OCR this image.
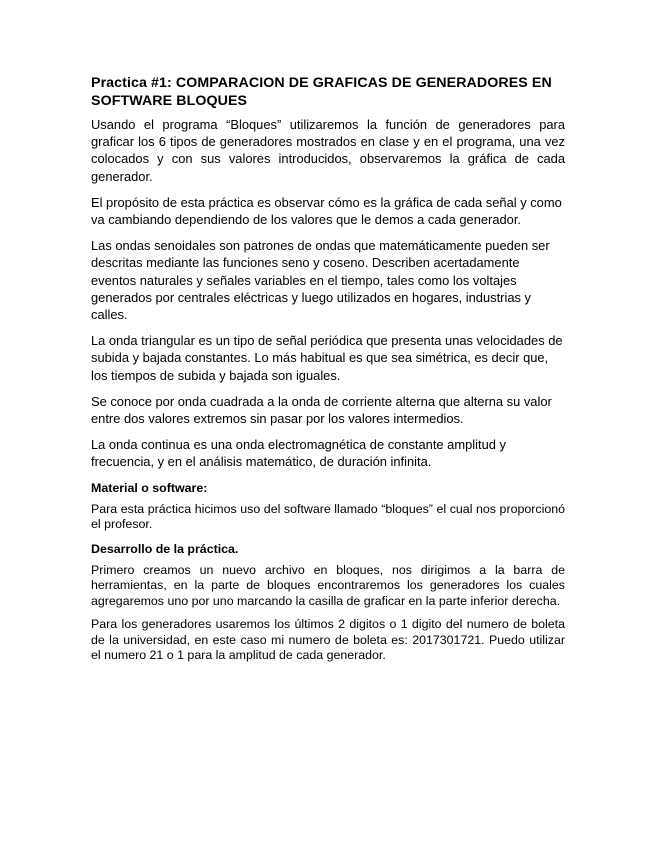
Practica #1: COMPARACION DE GRAFICAS DE GENERADORES EN SOFTWARE BLOQUES

Usando el programa “Bloques” utilizaremos la función de generadores para graficar los 6 tipos de generadores mostrados en clase y en el programa, una vez colocados y con sus valores introducidos, observaremos la gráfica de cada generador.

El propósito de esta práctica es observar cómo es la gráfica de cada señal y como va cambiando dependiendo de los valores que le demos a cada generador.

Las ondas senoidales son patrones de ondas que matemáticamente pueden ser descritas mediante las funciones seno y coseno. Describen acertadamente eventos naturales y señales variables en el tiempo, tales como los voltajes generados por centrales eléctricas y luego utilizados en hogares, industrias y calles.

La onda triangular es un tipo de señal periódica que presenta unas velocidades de subida y bajada constantes. Lo más habitual es que sea simétrica, es decir que, los tiempos de subida y bajada son iguales.

Se conoce por onda cuadrada a la onda de corriente alterna que alterna su valor entre dos valores extremos sin pasar por los valores intermedios.

La onda continua es una onda electromagnética de constante amplitud y frecuencia, y en el análisis matemático, de duración infinita.

Material o software:

Para esta práctica hicimos uso del software llamado “bloques” el cual nos proporcionó el profesor.

Desarrollo de la práctica.

Primero creamos un nuevo archivo en bloques, nos dirigimos a la barra de herramientas, en la parte de bloques encontraremos los generadores los cuales agregaremos uno por uno marcando la casilla de graficar en la parte inferior derecha.

Para los generadores usaremos los últimos 2 digitos o 1 digito del numero de boleta de la universidad, en este caso mi numero de boleta es: 2017301721. Puedo utilizar el numero 21 o 1 para la amplitud de cada generador.
